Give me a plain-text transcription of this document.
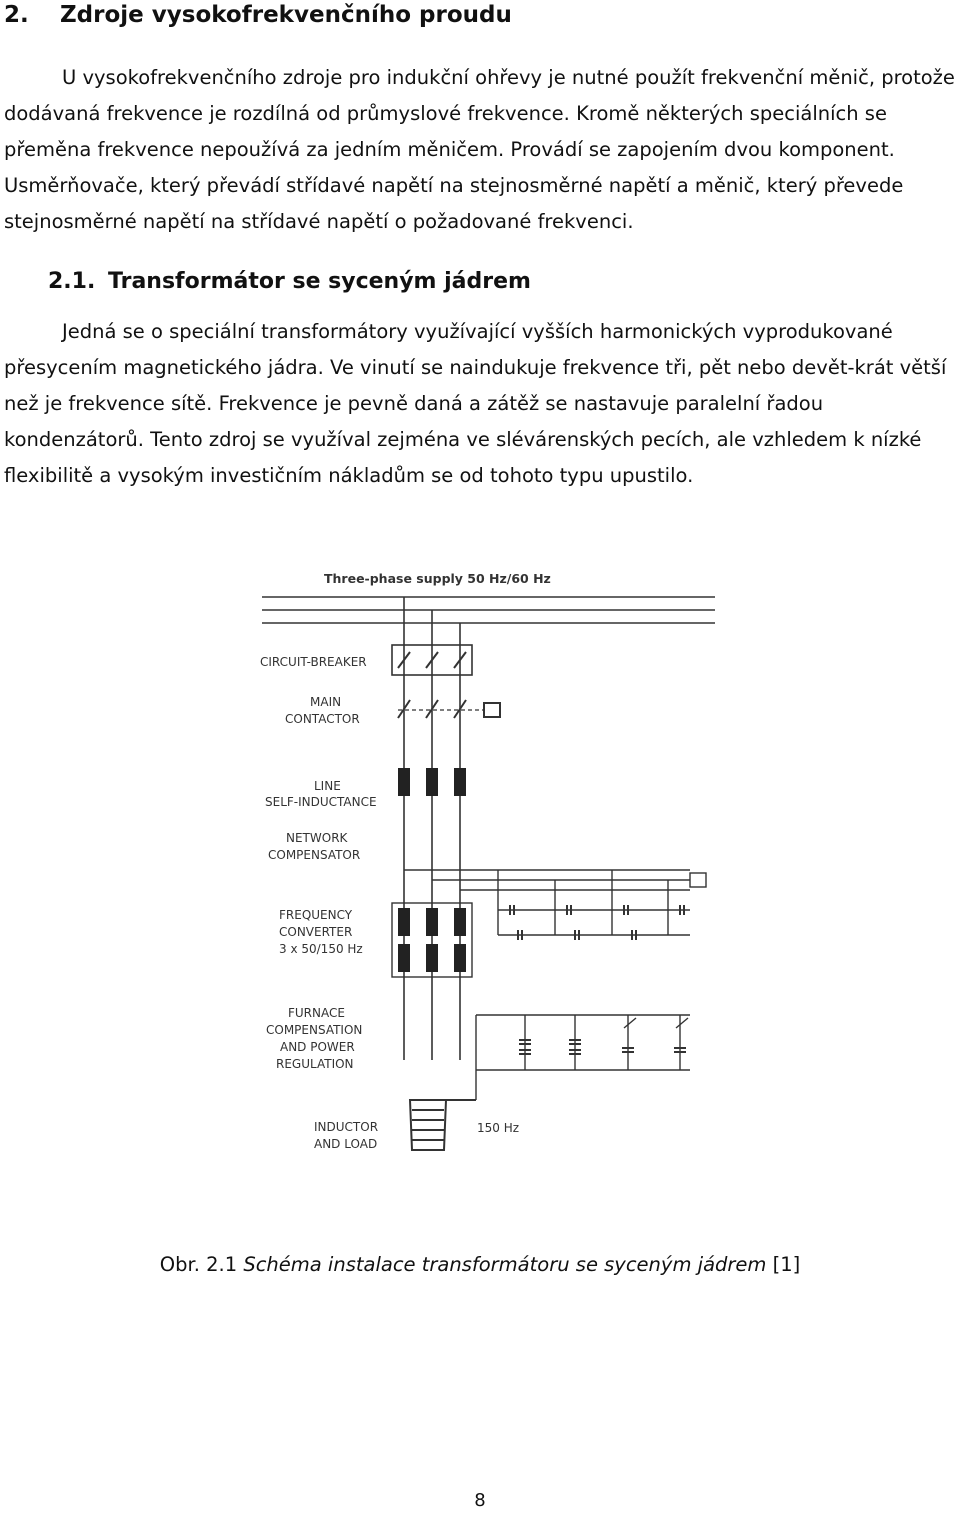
2. Zdroje vysokofrekvenčního proudu
U vysokofrekvenčního zdroje pro indukční ohřevy je nutné použít frekvenční měnič, protože dodávaná frekvence je rozdílná od průmyslové frekvence. Kromě některých speciálních se přeměna frekvence nepoužívá za jedním měničem. Provádí se zapojením dvou komponent. Usměrňovače, který převádí střídavé napětí na stejnosměrné napětí a měnič, který převede stejnosměrné napětí na střídavé napětí o požadované frekvenci.
2.1. Transformátor se syceným jádrem
Jedná se o speciální transformátory využívající vyšších harmonických vyprodukované přesycením magnetického jádra. Ve vinutí se naindukuje frekvence tři, pět nebo devět-krát větší než je frekvence sítě. Frekvence je pevně daná a zátěž se nastavuje paralelní řadou kondenzátorů. Tento zdroj se využíval zejména ve slévárenských pecích, ale vzhledem k nízké flexibilitě a vysokým investičním nákladům se od tohoto typu upustilo.
Three-phase supply 50 Hz/60 Hz
CIRCUIT-BREAKER
MAIN
CONTACTOR
LINE
SELF-INDUCTANCE
NETWORK
COMPENSATOR
FREQUENCY
CONVERTER
3 x 50/150 Hz
FURNACE
COMPENSATION
AND POWER
REGULATION
INDUCTOR
AND LOAD
150 Hz
Obr. 2.1 Schéma instalace transformátoru se syceným jádrem [1]
8
